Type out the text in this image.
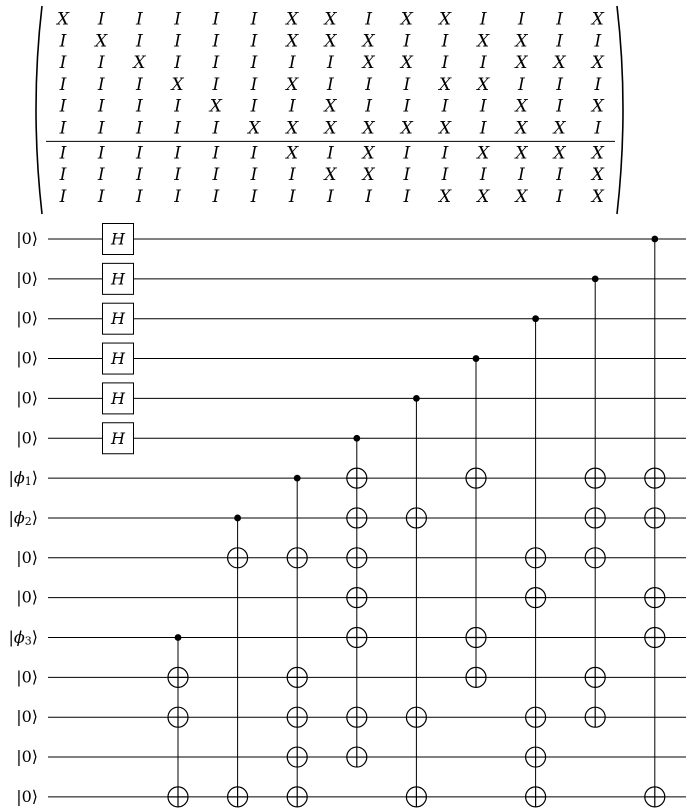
X I I I I I X X I X X I I I X
I X I I I I X X X I I X X I I
I I X I I I I I X X I I X X X
I I I X I I X I I I X X I I I
I I I I X I I X I I I I X I X
I I I I I X X X X X X I X X I
I I I I I I X I X I I X X X X
I I I I I I I X X I I I I I X
I I I I I I I I I I X X X I X
|0⟩
|0⟩
|0⟩
|0⟩
|0⟩
|0⟩
$|\phi_1⟩$
$|\phi_2⟩$
|0⟩
|0⟩
$|\phi_3⟩$
|0⟩
|0⟩
|0⟩
|0⟩
H
H
H
H
H
H
